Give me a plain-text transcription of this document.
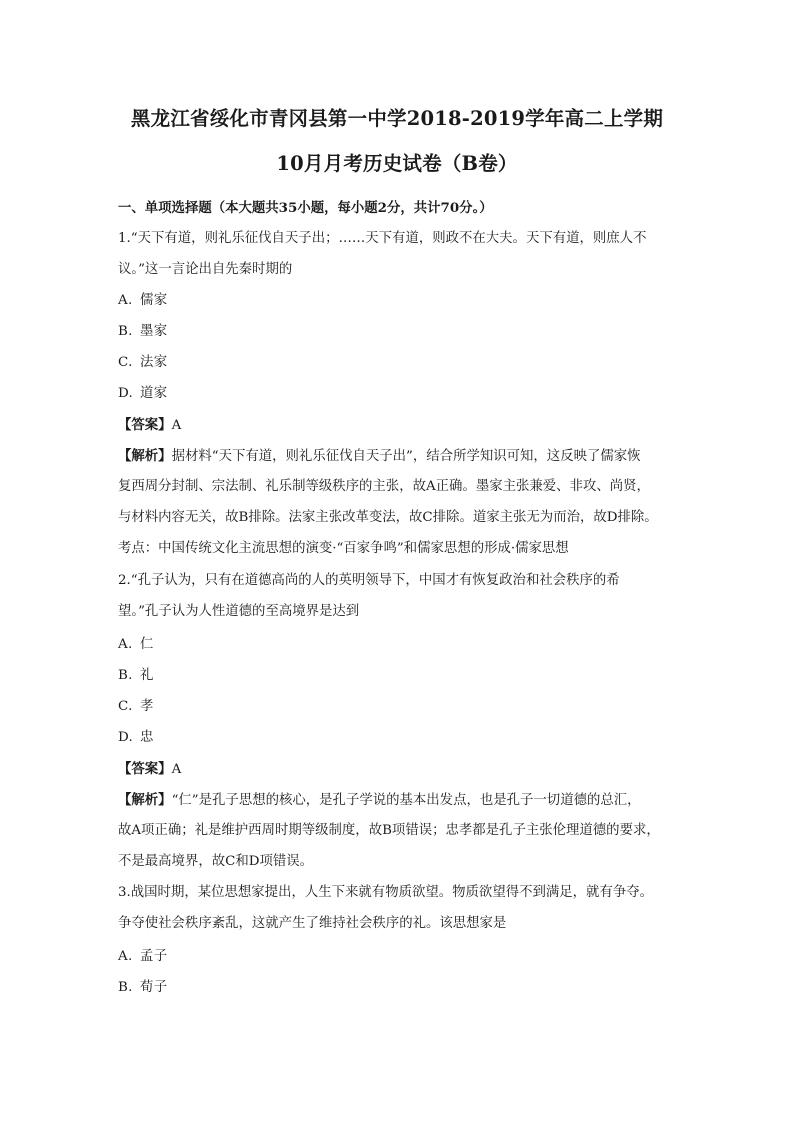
黑龙江省绥化市青冈县第一中学2018-2019学年高二上学期
10月月考历史试卷（B卷）
一、单项选择题（本大题共35小题，每小题2分，共计70分。）
1.“天下有道，则礼乐征伐自天子出；……天下有道，则政不在大夫。天下有道，则庶人不
议。”这一言论出自先秦时期的
A. 儒家
B. 墨家
C. 法家
D. 道家
【答案】A
【解析】据材料“天下有道，则礼乐征伐自天子出”，结合所学知识可知，这反映了儒家恢
复西周分封制、宗法制、礼乐制等级秩序的主张，故A正确。墨家主张兼爱、非攻、尚贤，
与材料内容无关，故B排除。法家主张改革变法，故C排除。道家主张无为而治，故D排除。
考点：中国传统文化主流思想的演变·“百家争鸣”和儒家思想的形成·儒家思想
2.“孔子认为，只有在道德高尚的人的英明领导下，中国才有恢复政治和社会秩序的希
望。”孔子认为人性道德的至高境界是达到
A. 仁
B. 礼
C. 孝
D. 忠
【答案】A
【解析】“仁”是孔子思想的核心，是孔子学说的基本出发点，也是孔子一切道德的总汇，
故A项正确；礼是维护西周时期等级制度，故B项错误；忠孝都是孔子主张伦理道德的要求，
不是最高境界，故C和D项错误。
3.战国时期，某位思想家提出，人生下来就有物质欲望。物质欲望得不到满足，就有争夺。
争夺使社会秩序紊乱，这就产生了维持社会秩序的礼。该思想家是
A. 孟子
B. 荀子
